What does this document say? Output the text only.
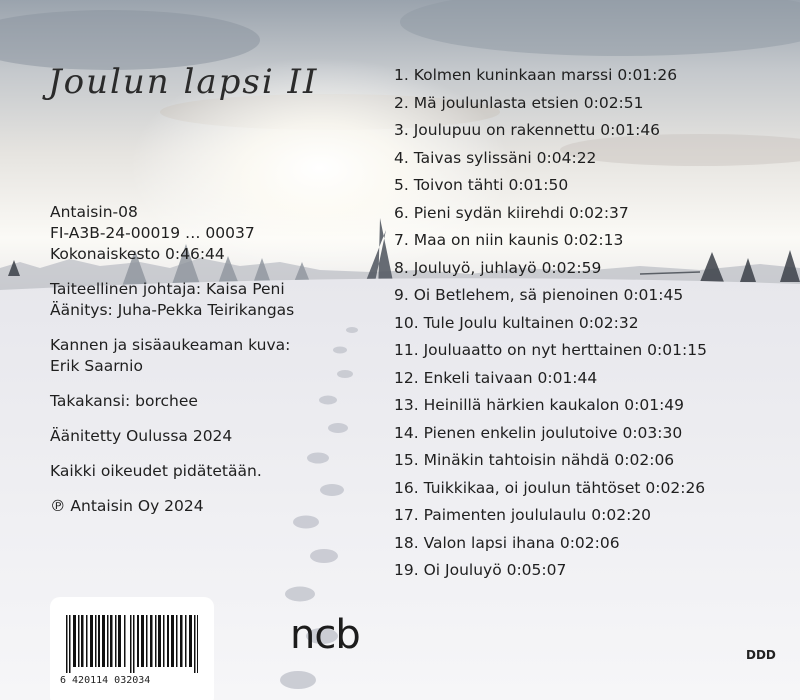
Joulun lapsi II
Antaisin-08
FI-A3B-24-00019 … 00037
Kokonaiskesto 0:46:44
Taiteellinen johtaja: Kaisa Peni
Äänitys: Juha-Pekka Teirikangas
Kannen ja sisäaukeaman kuva:
Erik Saarnio
Takakansi: borchee
Äänitetty Oulussa 2024
Kaikki oikeudet pidätetään.
℗ Antaisin Oy 2024
1. Kolmen kuninkaan marssi 0:01:26
2. Mä joulunlasta etsien 0:02:51
3. Joulupuu on rakennettu 0:01:46
4. Taivas sylissäni 0:04:22
5. Toivon tähti 0:01:50
6. Pieni sydän kiirehdi 0:02:37
7. Maa on niin kaunis 0:02:13
8. Jouluyö, juhlayö 0:02:59
9. Oi Betlehem, sä pienoinen 0:01:45
10. Tule Joulu kultainen 0:02:32
11. Jouluaatto on nyt herttainen 0:01:15
12. Enkeli taivaan 0:01:44
13. Heinillä härkien kaukalon 0:01:49
14. Pienen enkelin joulutoive 0:03:30
15. Minäkin tahtoisin nähdä 0:02:06
16. Tuikkikaa, oi joulun tähtöset 0:02:26
17. Paimenten joululaulu 0:02:20
18. Valon lapsi ihana 0:02:06
19. Oi Jouluyö 0:05:07
6 420114 032034
ncb	DDD
